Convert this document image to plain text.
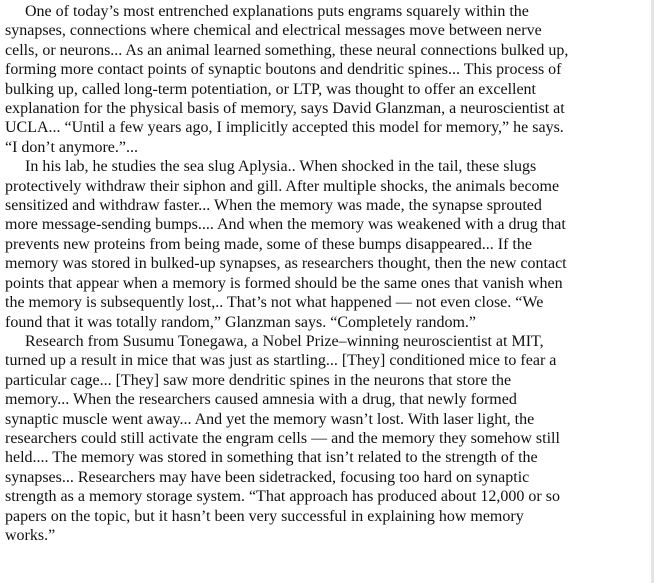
One of today’s most entrenched explanations puts engrams squarely within the
synapses, connections where chemical and electrical messages move between nerve
cells, or neurons... As an animal learned something, these neural connections bulked up,
forming more contact points of synaptic boutons and dendritic spines... This process of
bulking up, called long-term potentiation, or LTP, was thought to offer an excellent
explanation for the physical basis of memory, says David Glanzman, a neuroscientist at
UCLA... “Until a few years ago, I implicitly accepted this model for memory,” he says.
“I don’t anymore.”...
In his lab, he studies the sea slug Aplysia.. When shocked in the tail, these slugs
protectively withdraw their siphon and gill. After multiple shocks, the animals become
sensitized and withdraw faster... When the memory was made, the synapse sprouted
more message-sending bumps.... And when the memory was weakened with a drug that
prevents new proteins from being made, some of these bumps disappeared... If the
memory was stored in bulked-up synapses, as researchers thought, then the new contact
points that appear when a memory is formed should be the same ones that vanish when
the memory is subsequently lost,.. That’s not what happened — not even close. “We
found that it was totally random,” Glanzman says. “Completely random.”
Research from Susumu Tonegawa, a Nobel Prize–winning neuroscientist at MIT,
turned up a result in mice that was just as startling... [They] conditioned mice to fear a
particular cage... [They] saw more dendritic spines in the neurons that store the
memory... When the researchers caused amnesia with a drug, that newly formed
synaptic muscle went away... And yet the memory wasn’t lost. With laser light, the
researchers could still activate the engram cells — and the memory they somehow still
held.... The memory was stored in something that isn’t related to the strength of the
synapses... Researchers may have been sidetracked, focusing too hard on synaptic
strength as a memory storage system. “That approach has produced about 12,000 or so
papers on the topic, but it hasn’t been very successful in explaining how memory
works.”
